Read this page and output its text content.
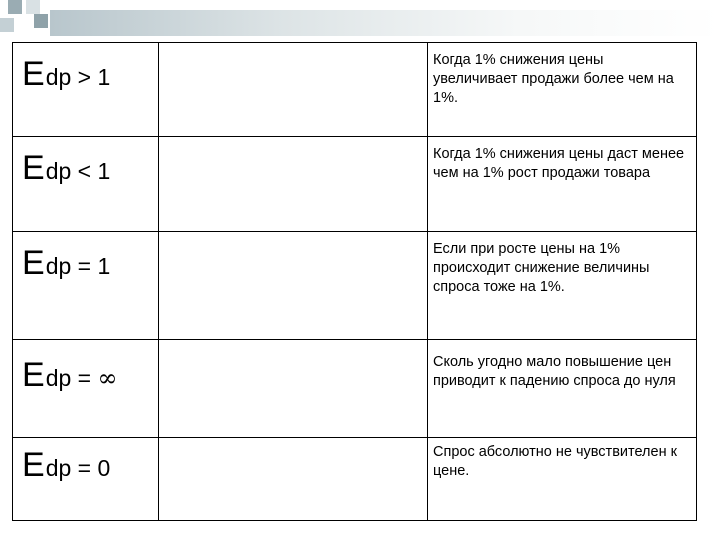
E dp > 1		Когда 1% снижения цены увеличивает продажи более чем на 1%.

E dp < 1		Когда 1% снижения цены даст менее чем на 1% рост продажи товара

E dp = 1		Если при росте цены на 1% происходит снижение величины спроса тоже на 1%.

E dp = ∞		Сколь угодно мало повышение цен приводит к падению спроса до нуля

E dp = 0		Спрос абсолютно не чувствителен к цене.
